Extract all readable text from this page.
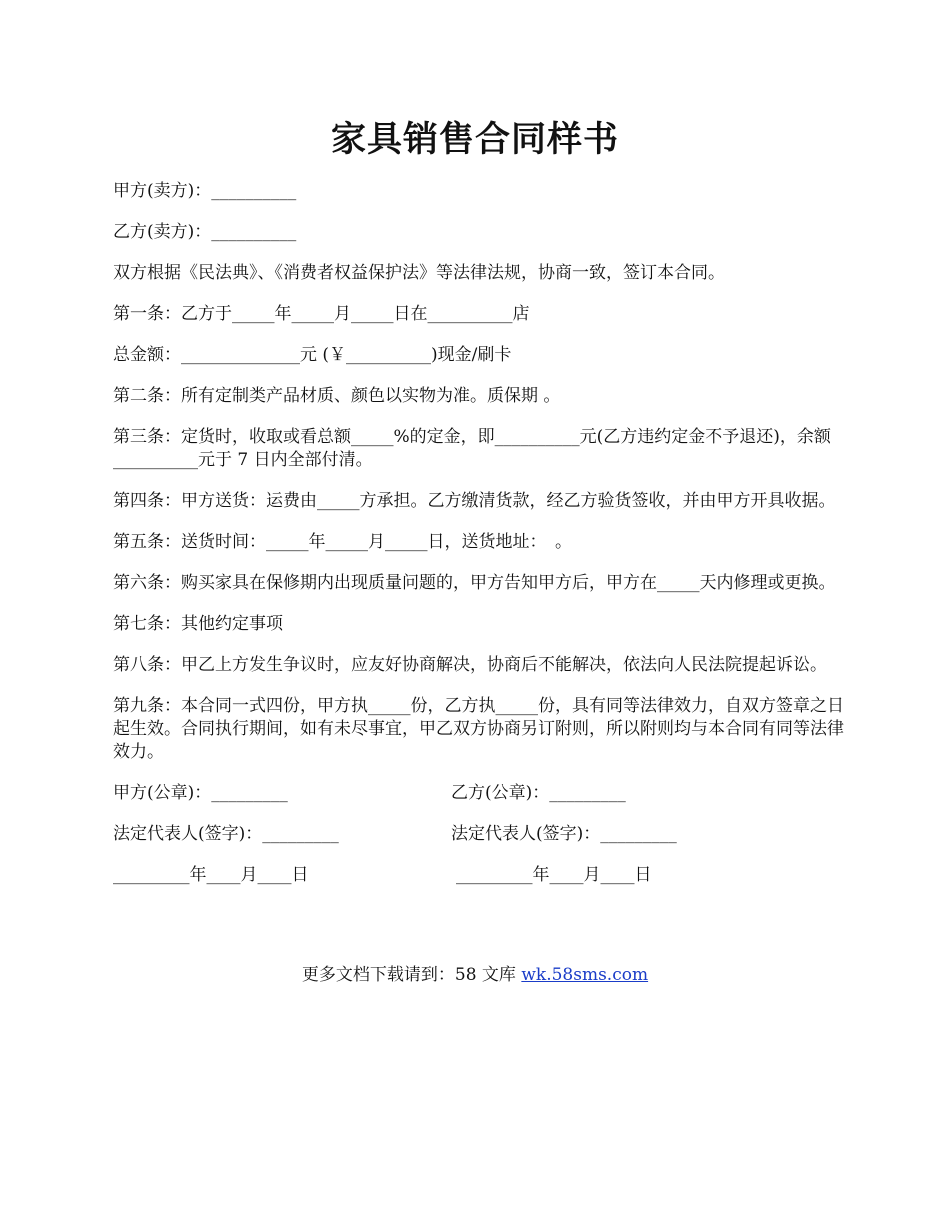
家具销售合同样书

甲方(卖方)：__________

乙方(卖方)：__________

双方根据《民法典》、《消费者权益保护法》等法律法规，协商一致，签订本合同。

第一条：乙方于_____年_____月_____日在__________店

总金额：______________元 (￥__________)现金/刷卡

第二条：所有定制类产品材质、颜色以实物为准。质保期 。

第三条：定货时，收取或看总额_____%的定金，即__________元(乙方违约定金不予退还)，余额__________元于 7 日内全部付清。

第四条：甲方送货：运费由_____方承担。乙方缴清货款，经乙方验货签收，并由甲方开具收据。

第五条：送货时间：_____年_____月_____日，送货地址：　。

第六条：购买家具在保修期内出现质量问题的，甲方告知甲方后，甲方在_____天内修理或更换。

第七条：其他约定事项

第八条：甲乙上方发生争议时，应友好协商解决，协商后不能解决，依法向人民法院提起诉讼。

第九条：本合同一式四份，甲方执_____份，乙方执_____份，具有同等法律效力，自双方签章之日起生效。合同执行期间，如有未尽事宜，甲乙双方协商另订附则，所以附则均与本合同有同等法律效力。

甲方(公章)：_________	乙方(公章)：_________
法定代表人(签字)：_________	法定代表人(签字)：_________
_________年____月____日	_________年____月____日
更多文档下载请到：58 文库 wk.58sms.com
